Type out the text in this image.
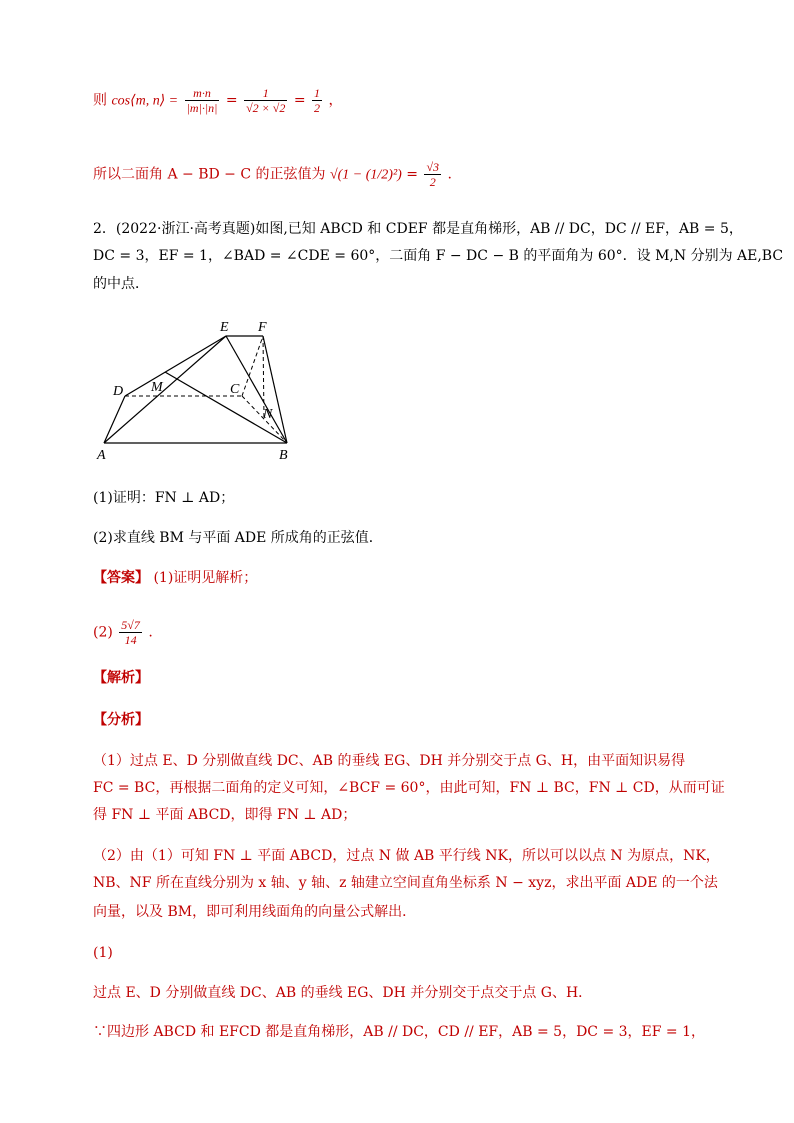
则 cos⟨m, n⟩ = $\frac{m\cdot n}{|m|\cdot|n|} = \frac{1}{√2 \times √2} = \frac{1}{2}$ ，
所以二面角 A − BD − C 的正弦值为 $√(1 - (1/2)^2) = \frac{√3}{2}$ .
2．(2022·浙江·高考真题)如图,已知 ABCD 和 CDEF 都是直角梯形，AB // DC，DC // EF，AB = 5，
DC = 3，EF = 1，∠BAD = ∠CDE = 60°，二面角 F − DC − B 的平面角为 60°．设 M,N 分别为 AE,BC
的中点．
A	B
C
D
E F
M
N
(1)证明：FN ⊥ AD；
(2)求直线 BM 与平面 ADE 所成角的正弦值．
【答案】 (1)证明见解析；
$(2) \frac{5√7}{14}$ .
【解析】
【分析】
（1）过点 E、D 分别做直线 DC、AB 的垂线 EG、DH 并分别交于点 G、H，由平面知识易得
FC = BC，再根据二面角的定义可知，∠BCF = 60°，由此可知，FN ⊥ BC，FN ⊥ CD，从而可证
得 FN ⊥ 平面 ABCD，即得 FN ⊥ AD；
（2）由（1）可知 FN ⊥ 平面 ABCD，过点 N 做 AB 平行线 NK，所以可以以点 N 为原点，NK，
NB、NF 所在直线分别为 x 轴、y 轴、z 轴建立空间直角坐标系 N − xyz，求出平面 ADE 的一个法
向量，以及 BM，即可利用线面角的向量公式解出．
(1)
过点 E、D 分别做直线 DC、AB 的垂线 EG、DH 并分别交于点交于点 G、H．
∵四边形 ABCD 和 EFCD 都是直角梯形，AB // DC，CD // EF，AB = 5，DC = 3，EF = 1，
